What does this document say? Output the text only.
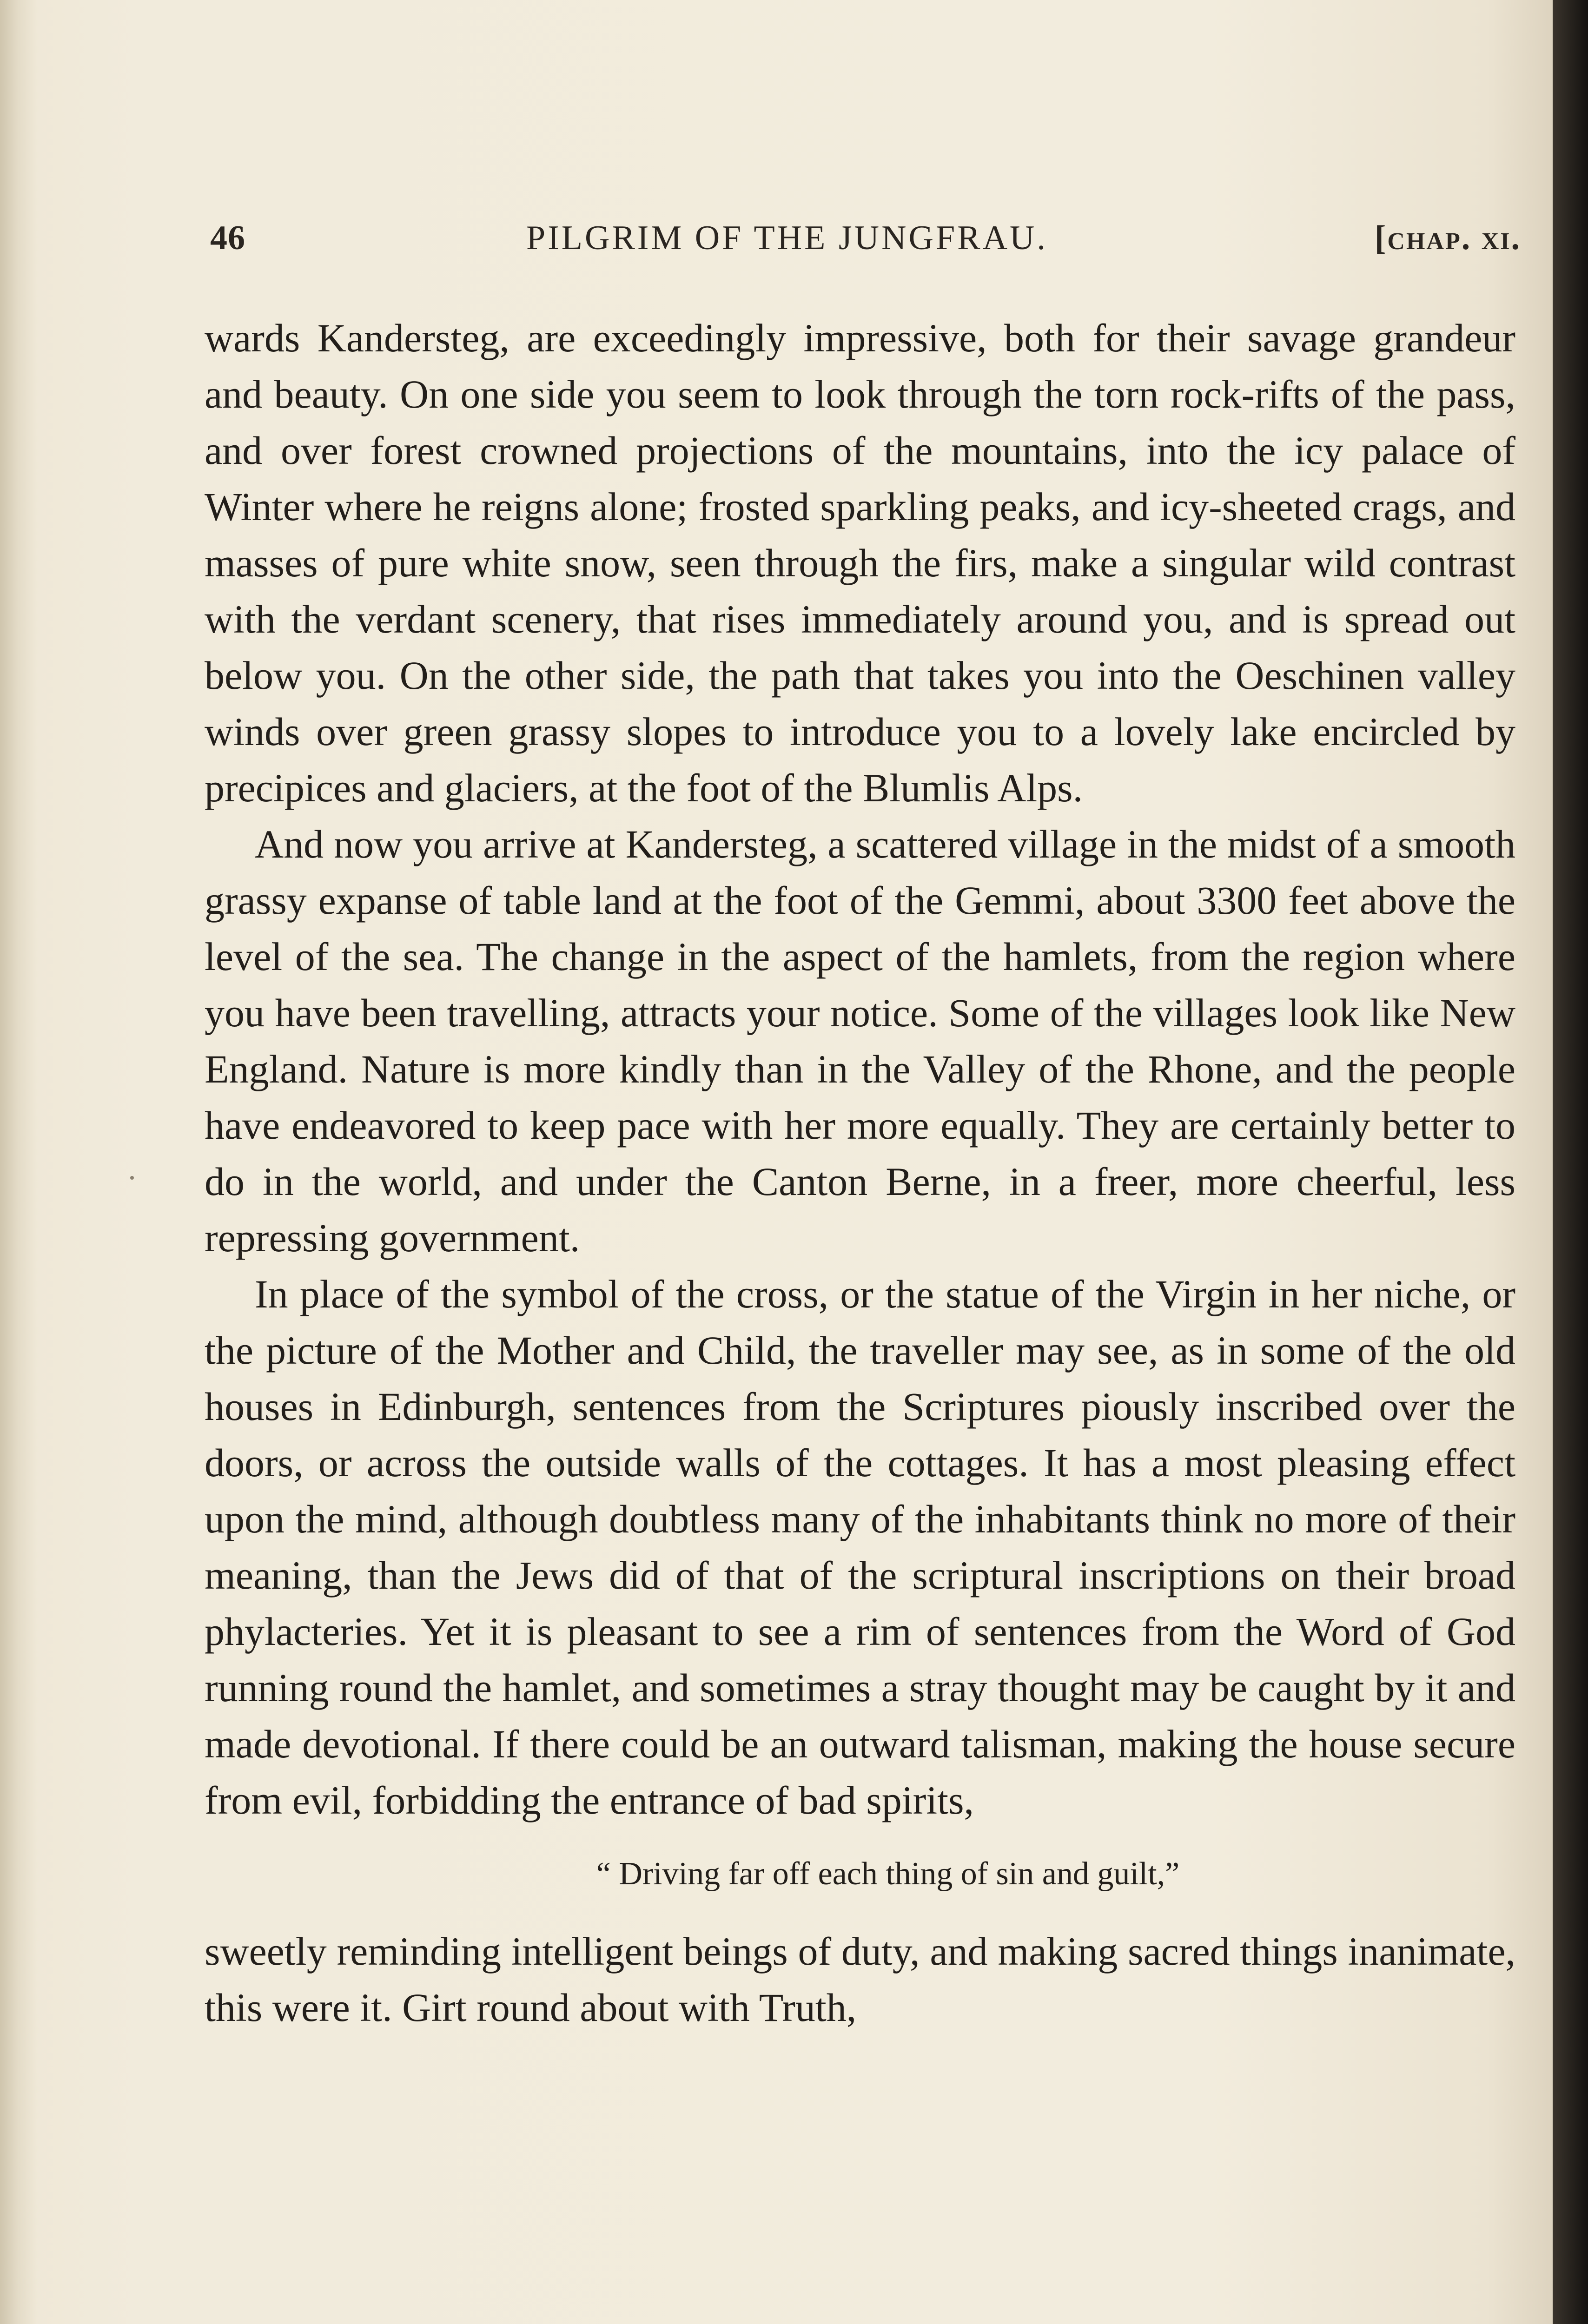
46	PILGRIM OF THE JUNGFRAU.	[chap. xi.

wards Kandersteg, are exceedingly impressive, both for their savage grandeur and beauty. On one side you seem to look through the torn rock-rifts of the pass, and over forest crowned projections of the mountains, into the icy palace of Winter where he reigns alone; frosted sparkling peaks, and icy-sheeted crags, and masses of pure white snow, seen through the firs, make a singular wild contrast with the verdant scenery, that rises immediately around you, and is spread out below you. On the other side, the path that takes you into the Oeschinen valley winds over green grassy slopes to introduce you to a lovely lake encircled by precipices and glaciers, at the foot of the Blumlis Alps.

And now you arrive at Kandersteg, a scattered village in the midst of a smooth grassy expanse of table land at the foot of the Gemmi, about 3300 feet above the level of the sea. The change in the aspect of the hamlets, from the region where you have been travelling, attracts your notice. Some of the villages look like New England. Nature is more kindly than in the Valley of the Rhone, and the people have endeavored to keep pace with her more equally. They are certainly better to do in the world, and under the Canton Berne, in a freer, more cheerful, less repressing government.

In place of the symbol of the cross, or the statue of the Virgin in her niche, or the picture of the Mother and Child, the traveller may see, as in some of the old houses in Edinburgh, sentences from the Scriptures piously inscribed over the doors, or across the outside walls of the cottages. It has a most pleasing effect upon the mind, although doubtless many of the inhabitants think no more of their meaning, than the Jews did of that of the scriptural inscriptions on their broad phylacteries. Yet it is pleasant to see a rim of sentences from the Word of God running round the hamlet, and sometimes a stray thought may be caught by it and made devotional. If there could be an outward talisman, making the house secure from evil, forbidding the entrance of bad spirits,

“ Driving far off each thing of sin and guilt,”

sweetly reminding intelligent beings of duty, and making sacred things inanimate, this were it. Girt round about with Truth,
